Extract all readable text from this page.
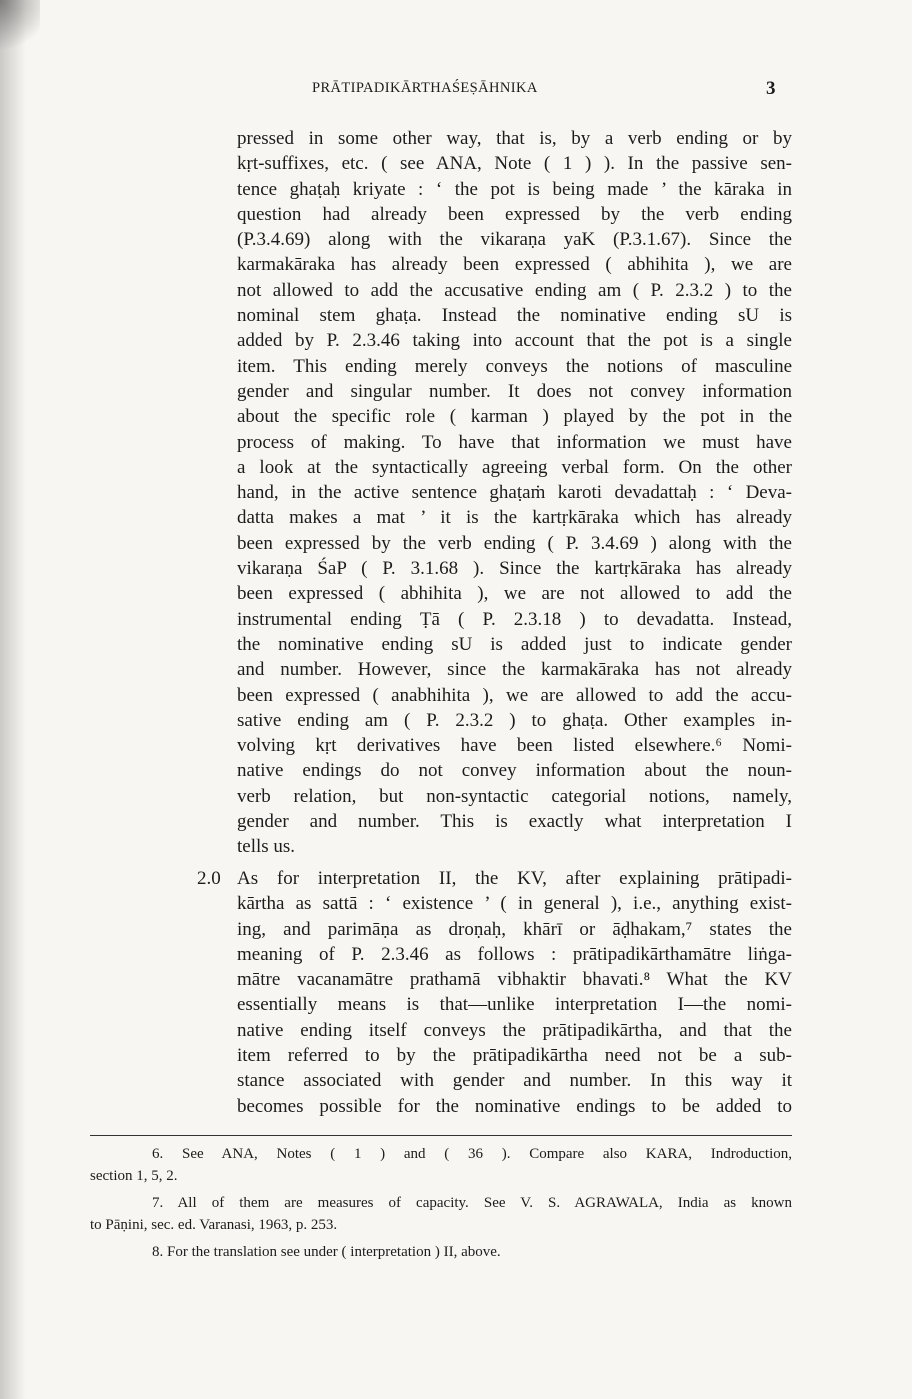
PRĀTIPADIKĀRTHAŚEṢĀHNIKA	3
pressed in some other way, that is, by a verb ending or by
kṛt-suffixes, etc. ( see ANA, Note ( 1 ) ). In the passive sen-
tence ghaṭaḥ kriyate : ‘ the pot is being made ’ the kāraka in
question had already been expressed by the verb ending
(P.3.4.69) along with the vikaraṇa yaK (P.3.1.67). Since the
karmakāraka has already been expressed ( abhihita ), we are
not allowed to add the accusative ending am ( P. 2.3.2 ) to the
nominal stem ghaṭa. Instead the nominative ending sU is
added by P. 2.3.46 taking into account that the pot is a single
item. This ending merely conveys the notions of masculine
gender and singular number. It does not convey information
about the specific role ( karman ) played by the pot in the
process of making. To have that information we must have
a look at the syntactically agreeing verbal form. On the other
hand, in the active sentence ghaṭaṁ karoti devadattaḥ : ‘ Deva-
datta makes a mat ’ it is the kartṛkāraka which has already
been expressed by the verb ending ( P. 3.4.69 ) along with the
vikaraṇa ŚaP ( P. 3.1.68 ). Since the kartṛkāraka has already
been expressed ( abhihita ), we are not allowed to add the
instrumental ending Ṭā ( P. 2.3.18 ) to devadatta. Instead,
the nominative ending sU is added just to indicate gender
and number. However, since the karmakāraka has not already
been expressed ( anabhihita ), we are allowed to add the accu-
sative ending am ( P. 2.3.2 ) to ghaṭa. Other examples in-
volving kṛt derivatives have been listed elsewhere.⁶ Nomi-
native endings do not convey information about the noun-
verb relation, but non-syntactic categorial notions, namely,
gender and number. This is exactly what interpretation I
tells us.
2.0 As for interpretation II, the KV, after explaining prātipadi-
kārtha as sattā : ‘ existence ’ ( in general ), i.e., anything exist-
ing, and parimāṇa as droṇaḥ, khārī or āḍhakam,⁷ states the
meaning of P. 2.3.46 as follows : prātipadikārthamātre liṅga-
mātre vacanamātre prathamā vibhaktir bhavati.⁸ What the KV
essentially means is that—unlike interpretation I—the nomi-
native ending itself conveys the prātipadikārtha, and that the
item referred to by the prātipadikārtha need not be a sub-
stance associated with gender and number. In this way it
becomes possible for the nominative endings to be added to
6. See ANA, Notes ( 1 ) and ( 36 ). Compare also KARA, Indroduction,
section 1, 5, 2.
7. All of them are measures of capacity. See V. S. AGRAWALA, India as known
to Pāṇini, sec. ed. Varanasi, 1963, p. 253.
8. For the translation see under ( interpretation ) II, above.
